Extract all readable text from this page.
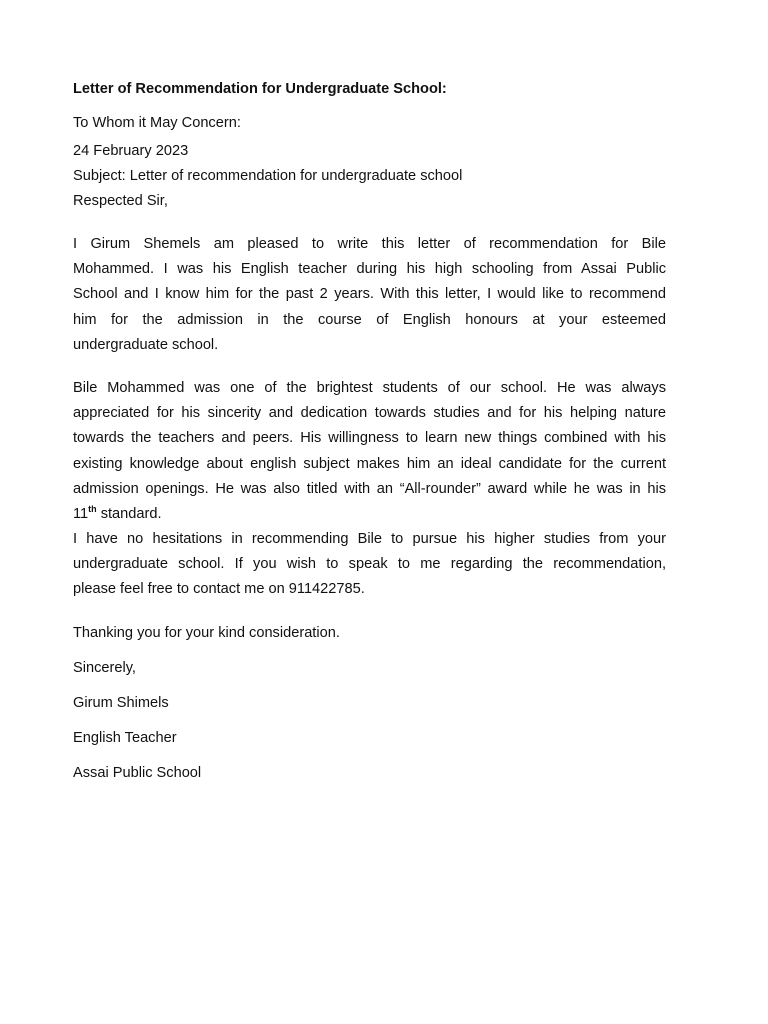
Letter of Recommendation for Undergraduate School:
To Whom it May Concern:
24 February 2023
Subject: Letter of recommendation for undergraduate school
Respected Sir,
I Girum Shemels am pleased to write this letter of recommendation for Bile
Mohammed. I was his English teacher during his high schooling from Assai Public
School and I know him for the past 2 years. With this letter, I would like to recommend
him for the admission in the course of English honours at your esteemed
undergraduate school.
Bile Mohammed was one of the brightest students of our school. He was always
appreciated for his sincerity and dedication towards studies and for his helping nature
towards the teachers and peers. His willingness to learn new things combined with his
existing knowledge about english subject makes him an ideal candidate for the current
admission openings. He was also titled with an “All-rounder” award while he was in his
11th standard.
I have no hesitations in recommending Bile to pursue his higher studies from your
undergraduate school. If you wish to speak to me regarding the recommendation,
please feel free to contact me on 911422785.
Thanking you for your kind consideration.
Sincerely,
Girum Shimels
English Teacher
Assai Public School
